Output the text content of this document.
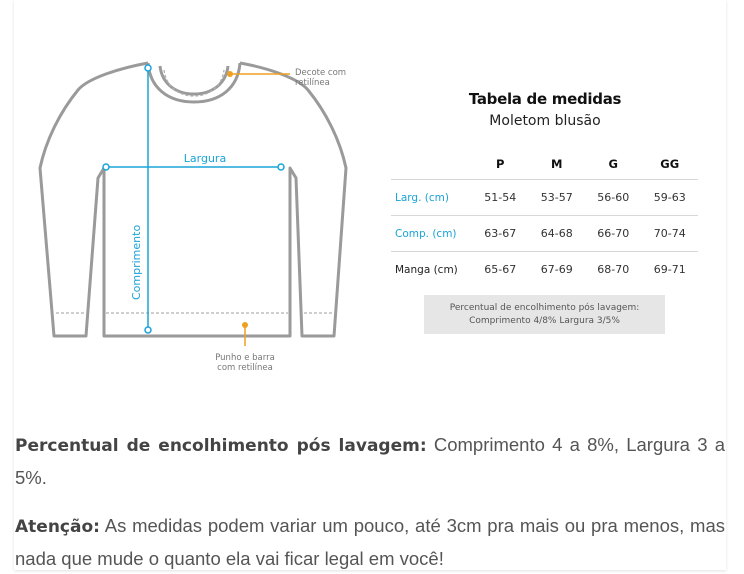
Comprimento
Largura
Decote com
retilínea
Punho e barra
com retilínea
Tabela de medidas
Moletom blusão
	P	M	G	GG
Larg. (cm)	51-54	53-57	56-60	59-63
Comp. (cm)	63-67	64-68	66-70	70-74
Manga (cm)	65-67	67-69	68-70	69-71
Percentual de encolhimento pós lavagem:
Comprimento 4/8% Largura 3/5%

Percentual de encolhimento pós lavagem: Comprimento 4 a 8%, Largura 3 a 5%.

Atenção: As medidas podem variar um pouco, até 3cm pra mais ou pra menos, mas nada que mude o quanto ela vai ficar legal em você!
